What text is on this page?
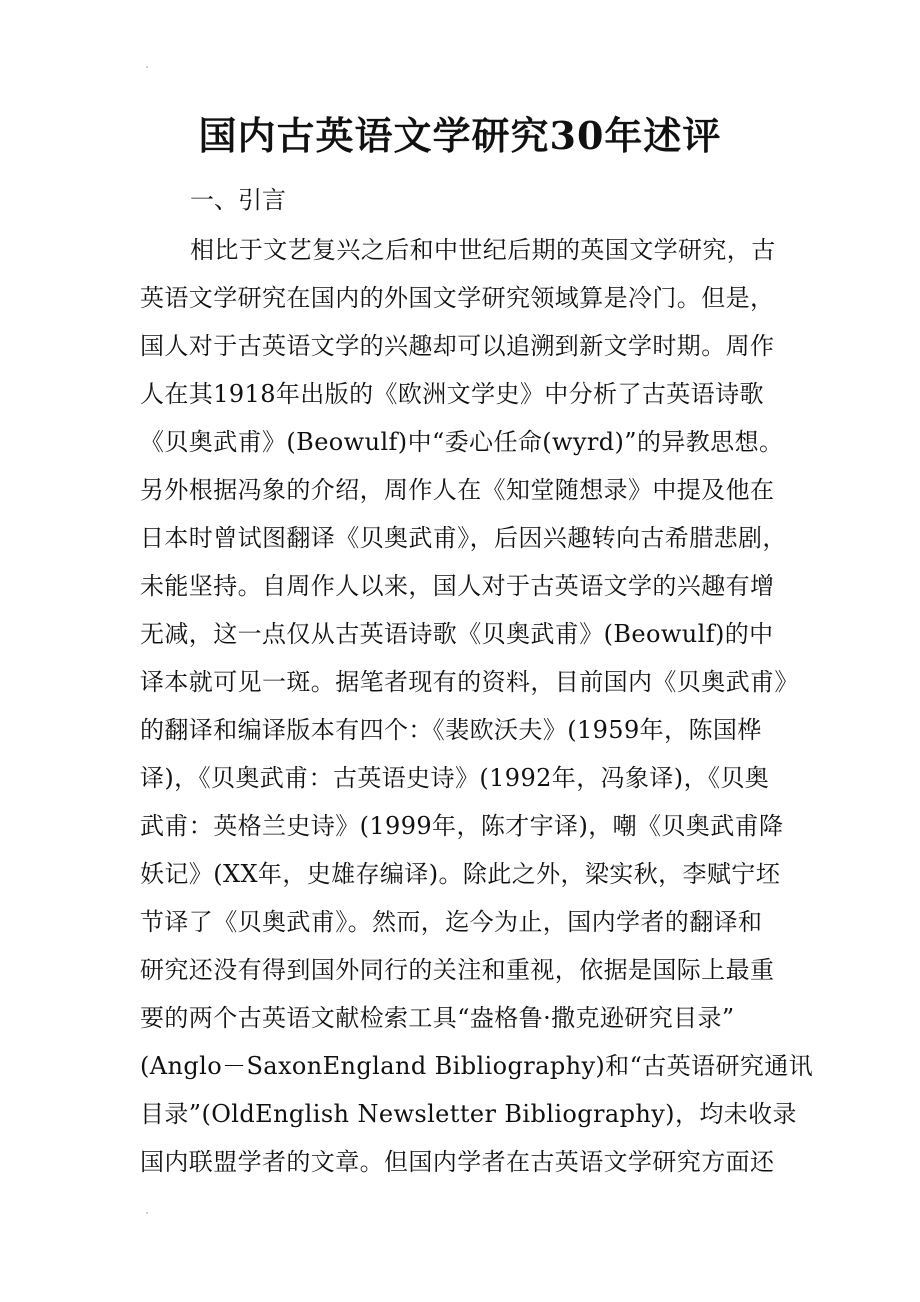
国内古英语文学研究30年述评

一、引言

相比于文艺复兴之后和中世纪后期的英国文学研究，古
英语文学研究在国内的外国文学研究领域算是冷门。但是，
国人对于古英语文学的兴趣却可以追溯到新文学时期。周作
人在其1918年出版的《欧洲文学史》中分析了古英语诗歌
《贝奥武甫》(Beowulf)中“委心任命(wyrd)”的异教思想。
另外根据冯象的介绍，周作人在《知堂随想录》中提及他在
日本时曾试图翻译《贝奥武甫》，后因兴趣转向古希腊悲剧，
未能坚持。自周作人以来，国人对于古英语文学的兴趣有增
无减，这一点仅从古英语诗歌《贝奥武甫》(Beowulf)的中
译本就可见一斑。据笔者现有的资料，目前国内《贝奥武甫》
的翻译和编译版本有四个：《裴欧沃夫》(1959年，陈国桦
译)，《贝奥武甫：古英语史诗》(1992年，冯象译)，《贝奥
武甫：英格兰史诗》(1999年，陈才宇译)，嘲《贝奥武甫降
妖记》(XX年，史雄存编译)。除此之外，梁实秋，李赋宁坯
节译了《贝奥武甫》。然而，迄今为止，国内学者的翻译和
研究还没有得到国外同行的关注和重视，依据是国际上最重
要的两个古英语文献检索工具“盎格鲁·撒克逊研究目录”
(Anglo－SaxonEngland Bibliography)和“古英语研究通讯
目录”(OldEnglish Newsletter Bibliography)，均未收录
国内联盟学者的文章。但国内学者在古英语文学研究方面还
